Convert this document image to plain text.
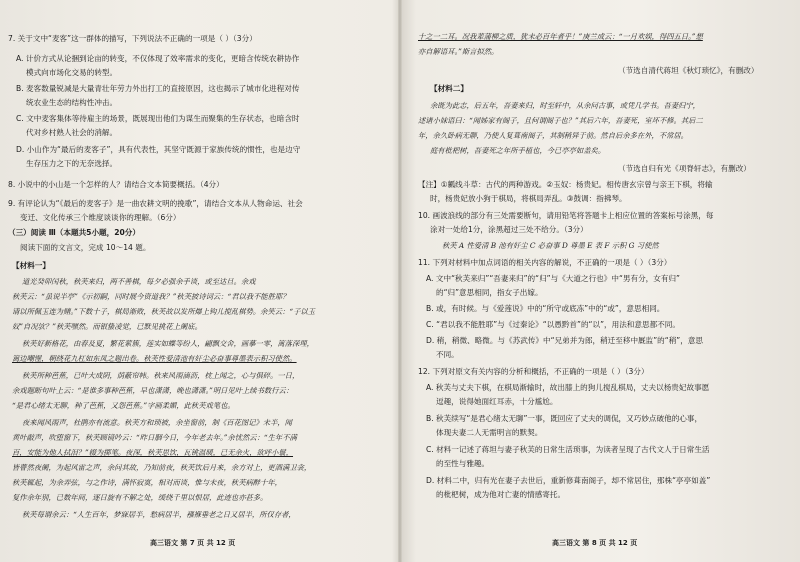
7. 关于文中“麦客”这一群体的描写，下列说法不正确的一项是（ ）（3分）
A. 计价方式从论捆到论亩的转变，不仅体现了效率需求的变化，更暗含传统农耕协作
模式向市场化交易的转型。
B. 麦客数量锐减是大量青壮年劳力外出打工的直接原因，这也揭示了城市化进程对传
统农业生态的结构性冲击。
C. 文中麦客集体等待雇主的场景，既展现出他们为谋生而聚集的生存状态，也暗含时
代对乡村熟人社会的消解。
D. 小山作为“最后的麦客子”，具有代表性，其坚守既源于家族传统的惯性，也是边守
生存压力之下的无奈选择。
8. 小说中的小山是一个怎样的人？请结合文本简要概括。（4分）
9. 有评论认为“《最后的麦客子》是一曲农耕文明的挽歌”，请结合文本从人物命运、社会
变迁、文化传承三个维度谈谈你的理解。（6分）
（三）阅读 Ⅲ（本题共5小题，20分）
阅读下面的文言文，完成 10～14 题。
【材料一】
道光癸卯闰秋，秋芙来归，两不善棋，每夕必强余手谈，或至达旦。余戏
秋芙云：“虽说半亭”《示初嗣，同时展今资道我？”秋芙披诗词云：“君以我不能胜耶？
请以所佩玉连为赌。”下数十子，棋局渐败，秋芙故以发所爆上钩儿搅乱棋势。余笑云：“子以玉
奴”自况欤？”秋芙嘿然。而银蛰凌觉，已默见挑花上阑底。
秋芙好新格花，由春及夏，繁花萦簇，莲实如蝶等纷人，翩飘交舍，画摹一零，篱落深埋，
篱边嘲惺，朝绕花九杠如东凤之题出卷。秋芙性爱清池有奸尘必奋事尊墨表示积习使然。
秋芙所种芭蕉，已叶大成阴，荫蔽帘帏。秋来风雨滴沥，枕上闻之，心与俱碎。一日，
余戏题断句叶上云：“是谁多事种芭蕉，早也潇潇，晚也潇潇。”明日见叶上续书数行云：
“是君心绪太无聊，种了芭蕉，又怨芭蕉。”字画柔媚，此秋芙戏笔也。
夜来闻风雨声，杜鹃亦有流意。秋芙方和琐被，余坐窗前，制《百花图记》未半，闻
黄叶敲声，吹堕窗下，秋芙顾镜吟云：“昨日胭今日，今年老去年。”余忧然云：“生年不满
百，安能为他人拭泪？”辍为掷笔。夜深，秋芙思饮，瓦铫温暖，已无余火，欲呼小鬟，
皆瞢然夜阑，为起风雷之声，余问其故，乃知前夜，秋芙饮后月来，余方对上，更酒满卫衾，
秋芙辄起，为余弄弦，与之作诗，满怀寂寞，相对而谈，惟与未夜，秋芙病醉十年，
复作余年别，已数年间，逐日旋有不解之处，缓绕千里以恨居，此迹也亦甚多。
秋芙每谓余云：“人生百年，梦寐居半，愁病居半，襁褓垂老之日又居半，所仅存者，
高三语文 第 7 页 共 12 页
十之一二耳。况我辈蒲柳之质，犹未必百年者乎！”庚兰成云：“一月欢娱，得四五日。”想
亦自解语耳。”斯言拟然。
（节选自清代蒋坦《秋灯琐忆》，有删改）
【材料二】
余既为此志，后五年，吾妻来归，时至轩中，从余问古事，或凭几学书。吾妻归宁，
述诸小妹语曰：“闻姊家有阁子，且何谓阁子也？”其后六年，吾妻死，室坏不修。其后二
年，余久卧病无聊，乃使人复葺南阁子，其制稍异于前。然自后余多在外，不常居。
庭有枇杷树，吾妻死之年所手植也，今已亭亭如盖矣。
（节选自归有光《项脊轩志》，有删改）
【注】①瓤线斗草：古代的两种游戏。②玉奴：杨贵妃。相传唐玄宗曾与亲王下棋，将输
时，杨贵妃放小狗于棋局，将棋局弄乱。③鼓调：指拂琴。
10. 画波浪线的部分有三处需要断句，请用铅笔将答题卡上相应位置的答案标号涂黑，每
涂对一处给1分，涂黑超过三处不给分。（3分）
秋芙 A 性爱清 B 池有奸尘 C 必奋事 D 尊墨 E 表 F 示积 G 习使然
11. 下列对材料中加点词语的相关内容的解说，不正确的一项是（ ）（3分）
A. 文中“秋芙来归”“吾妻来归”的“归”与《大道之行也》中“男有分，女有归”
的“归”意思相同，指女子出嫁。
B. 或，有时候。与《爱莲说》中的“所守或底冻”中的“或”，意思相同。
C. “君以我不能胜耶”与《过秦论》“以愚黔首”的“以”，用法和意思都不同。
D. 稍，稍微、略微。与《苏武传》中“兄弟并为郎，稍迁至移中厩监”的“稍”，意思
不同。
12. 下列对原文有关内容的分析和概括，不正确的一项是（ ）（3分）
A. 秋芙与丈夫下棋，在棋局渐输时，故出膝上的狗儿搅乱棋局，丈夫以杨贵妃故事愿
逗趣，说得她面红耳赤，十分尴尬。
B. 秋芙续写“是君心绪太无聊”一事，既回应了丈夫的调侃，又巧妙点破他的心事，
体现夫妻二人无需明言的默契。
C. 材料一记述了蒋坦与妻子秋芙的日常生活琐事，为读者呈现了古代文人于日常生活
的至性与雅趣。
D. 材料二中，归有光在妻子去世后，重新修葺南阁子，却不常居住，那株“亭亭如盖”
的枇杷树，成为他对亡妻的情感寄托。
高三语文 第 8 页 共 12 页
